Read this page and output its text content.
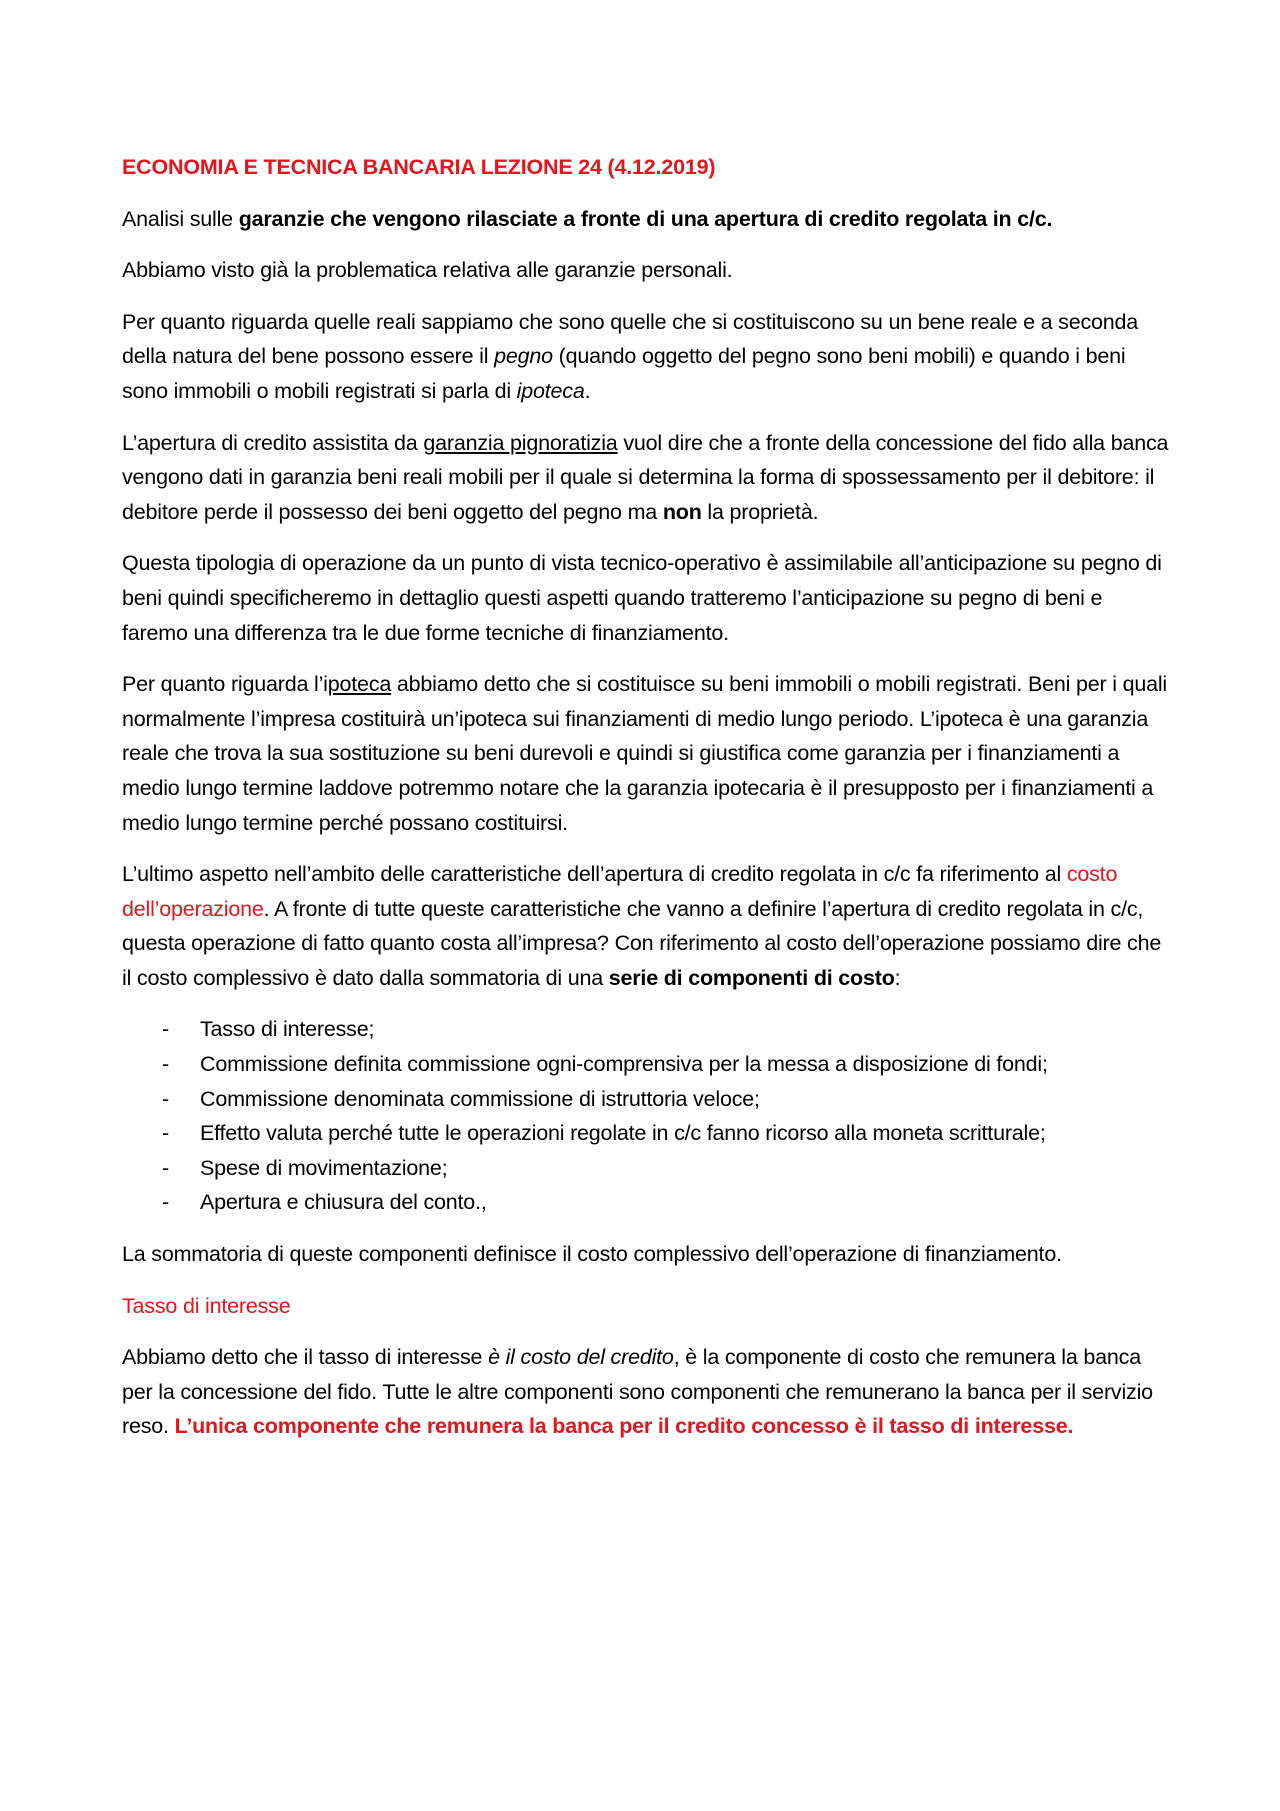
ECONOMIA E TECNICA BANCARIA LEZIONE 24 (4.12.2019)

Analisi sulle garanzie che vengono rilasciate a fronte di una apertura di credito regolata in c/c.

Abbiamo visto già la problematica relativa alle garanzie personali.

Per quanto riguarda quelle reali sappiamo che sono quelle che si costituiscono su un bene reale e a seconda della natura del bene possono essere il pegno (quando oggetto del pegno sono beni mobili) e quando i beni sono immobili o mobili registrati si parla di ipoteca.

L’apertura di credito assistita da garanzia pignoratizia vuol dire che a fronte della concessione del fido alla banca vengono dati in garanzia beni reali mobili per il quale si determina la forma di spossessamento per il debitore: il debitore perde il possesso dei beni oggetto del pegno ma non la proprietà.

Questa tipologia di operazione da un punto di vista tecnico-operativo è assimilabile all’anticipazione su pegno di beni quindi specificheremo in dettaglio questi aspetti quando tratteremo l’anticipazione su pegno di beni e faremo una differenza tra le due forme tecniche di finanziamento.

Per quanto riguarda l’ipoteca abbiamo detto che si costituisce su beni immobili o mobili registrati. Beni per i quali normalmente l’impresa costituirà un’ipoteca sui finanziamenti di medio lungo periodo. L’ipoteca è una garanzia reale che trova la sua sostituzione su beni durevoli e quindi si giustifica come garanzia per i finanziamenti a medio lungo termine laddove potremmo notare che la garanzia ipotecaria è il presupposto per i finanziamenti a medio lungo termine perché possano costituirsi.

L’ultimo aspetto nell’ambito delle caratteristiche dell’apertura di credito regolata in c/c fa riferimento al costo dell’operazione. A fronte di tutte queste caratteristiche che vanno a definire l’apertura di credito regolata in c/c, questa operazione di fatto quanto costa all’impresa? Con riferimento al costo dell’operazione possiamo dire che il costo complessivo è dato dalla sommatoria di una serie di componenti di costo:

- Tasso di interesse;
- Commissione definita commissione ogni-comprensiva per la messa a disposizione di fondi;
- Commissione denominata commissione di istruttoria veloce;
- Effetto valuta perché tutte le operazioni regolate in c/c fanno ricorso alla moneta scritturale;
- Spese di movimentazione;
- Apertura e chiusura del conto.,

La sommatoria di queste componenti definisce il costo complessivo dell’operazione di finanziamento.

Tasso di interesse

Abbiamo detto che il tasso di interesse è il costo del credito, è la componente di costo che remunera la banca per la concessione del fido. Tutte le altre componenti sono componenti che remunerano la banca per il servizio reso. L’unica componente che remunera la banca per il credito concesso è il tasso di interesse.
